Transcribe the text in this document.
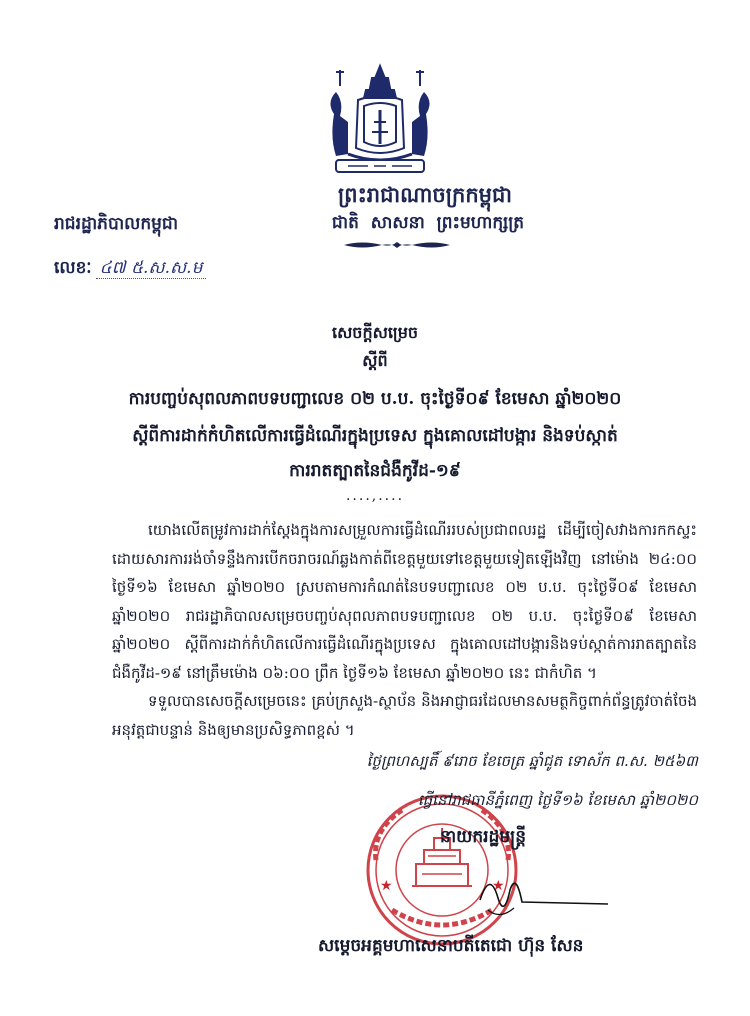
ព្រះរាជាណាចក្រកម្ពុជា
ជាតិ សាសនា ព្រះមហាក្សត្រ
រាជរដ្ឋាភិបាលកម្ពុជា
លេខៈ ៤៧ ៥.ស.ស.ម
សេចក្តីសម្រេច
ស្តីពី
ការបញ្ចប់សុពលភាពបទបញ្ជាលេខ ០២ ប.ប. ចុះថ្ងៃទី០៩ ខែមេសា ឆ្នាំ២០២០
ស្តីពីការដាក់កំហិតលើការធ្វើដំណើរក្នុងប្រទេស ក្នុងគោលដៅបង្ការ និងទប់ស្កាត់
ការរាតត្បាតនៃជំងឺកូវីដ-១៩
....,....
យោងលើតម្រូវការដាក់ស្តែងក្នុងការសម្រួលការធ្វើដំណើររបស់ប្រជាពលរដ្ឋ ដើម្បីចៀសវាងការកកស្ទះដោយសារការរង់ចាំទន្ទឹងការបើកចរាចរណ៍ឆ្លងកាត់ពីខេត្តមួយទៅខេត្តមួយទៀតឡើងវិញ នៅម៉ោង ២៤:០០ ថ្ងៃទី១៦ ខែមេសា ឆ្នាំ២០២០ ស្របតាមការកំណត់នៃបទបញ្ជាលេខ ០២ ប.ប. ចុះថ្ងៃទី០៩ ខែមេសា ឆ្នាំ២០២០ រាជរដ្ឋាភិបាលសម្រេចបញ្ចប់សុពលភាពបទបញ្ជាលេខ ០២ ប.ប. ចុះថ្ងៃទី០៩ ខែមេសា ឆ្នាំ២០២០ ស្តីពីការដាក់កំហិតលើការធ្វើដំណើរក្នុងប្រទេស ក្នុងគោលដៅបង្ការនិងទប់ស្កាត់ការរាតត្បាតនៃជំងឺកូវីដ-១៩ នៅត្រឹមម៉ោង ០៦:០០ ព្រឹក ថ្ងៃទី១៦ ខែមេសា ឆ្នាំ២០២០ នេះ ជាកំហិត ។
ទទួលបានសេចក្តីសម្រេចនេះ គ្រប់ក្រសួង-ស្ថាប័ន និងអាជ្ញាធរដែលមានសមត្ថកិច្ចពាក់ព័ន្ធត្រូវចាត់ចែងអនុវត្តជាបន្ទាន់ និងឲ្យមានប្រសិទ្ធភាពខ្ពស់ ។
ថ្ងៃព្រហស្បតិ៍ ៩រោច ខែចេត្រ ឆ្នាំជូត ទោស័ក ព.ស. ២៥៦៣
★	★
ធ្វើនៅរាជធានីភ្នំពេញ ថ្ងៃទី១៦ ខែមេសា ឆ្នាំ២០២០
នាយករដ្ឋមន្ត្រី
សម្តេចអគ្គមហាសេនាបតីតេជោ ហ៊ុន សែន
